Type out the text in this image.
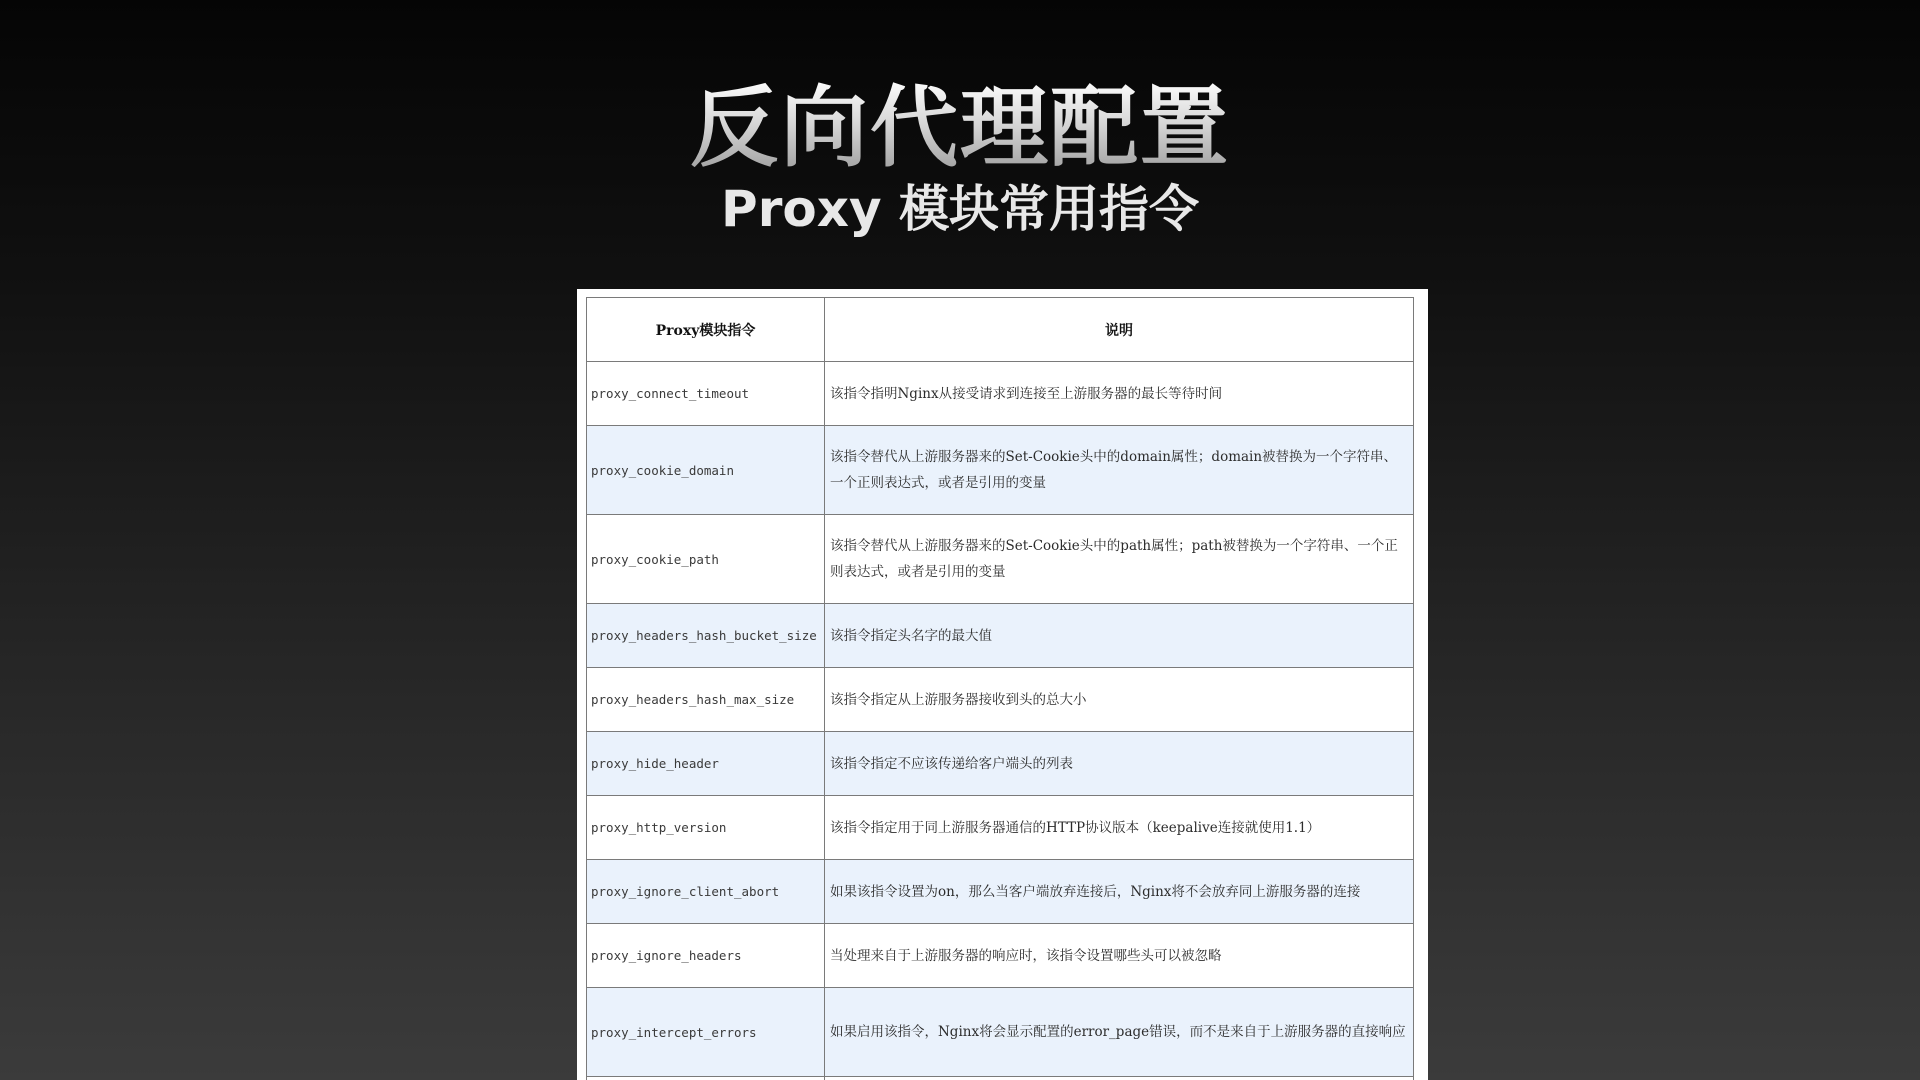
反向代理配置
Proxy 模块常用指令
Proxy模块指令	说明
proxy_connect_timeout	该指令指明Nginx从接受请求到连接至上游服务器的最长等待时间
proxy_cookie_domain	该指令替代从上游服务器来的Set-Cookie头中的domain属性；domain被替换为一个字符串、一个正则表达式，或者是引用的变量
proxy_cookie_path	该指令替代从上游服务器来的Set-Cookie头中的path属性；path被替换为一个字符串、一个正则表达式，或者是引用的变量
proxy_headers_hash_bucket_size	该指令指定头名字的最大值
proxy_headers_hash_max_size	该指令指定从上游服务器接收到头的总大小
proxy_hide_header	该指令指定不应该传递给客户端头的列表
proxy_http_version	该指令指定用于同上游服务器通信的HTTP协议版本（keepalive连接就使用1.1）
proxy_ignore_client_abort	如果该指令设置为on，那么当客户端放弃连接后，Nginx将不会放弃同上游服务器的连接
proxy_ignore_headers	当处理来自于上游服务器的响应时，该指令设置哪些头可以被忽略
proxy_intercept_errors	如果启用该指令，Nginx将会显示配置的error_page错误，而不是来自于上游服务器的直接响应
